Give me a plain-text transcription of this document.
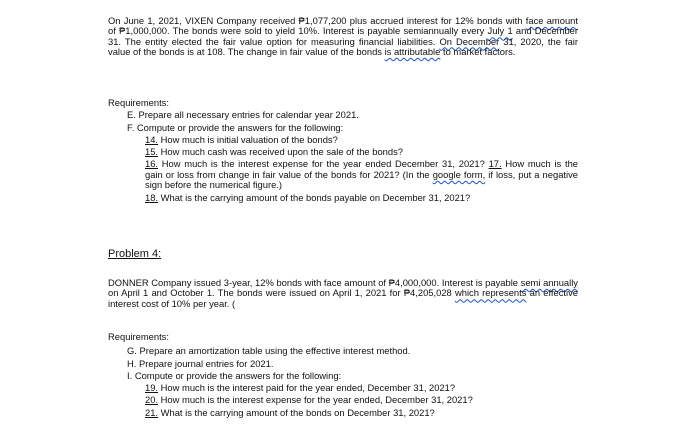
On June 1, 2021, VIXEN Company received ₱1,077,200 plus accrued interest for 12% bonds with face amount of ₱1,000,000. The bonds were sold to yield 10%. Interest is payable semiannually every July 1 and December 31. The entity elected the fair value option for measuring financial liabilities. On December 31, 2020, the fair value of the bonds is at 108. The change in fair value of the bonds is attributable to market factors.

Requirements:

E. Prepare all necessary entries for calendar year 2021.

F. Compute or provide the answers for the following:

14. How much is initial valuation of the bonds?

15. How much cash was received upon the sale of the bonds?

16. How much is the interest expense for the year ended December 31, 2021? 17. How much is the gain or loss from change in fair value of the bonds for 2021? (In the google form, if loss, put a negative sign before the numerical figure.)

18. What is the carrying amount of the bonds payable on December 31, 2021?

Problem 4:

DONNER Company issued 3-year, 12% bonds with face amount of ₱4,000,000. Interest is payable semi annually on April 1 and October 1. The bonds were issued on April 1, 2021 for ₱4,205,028 which represents an effective interest cost of 10% per year. (

Requirements:

G. Prepare an amortization table using the effective interest method.

H. Prepare journal entries for 2021.

I. Compute or provide the answers for the following:

19. How much is the interest paid for the year ended, December 31, 2021?

20. How much is the interest expense for the year ended, December 31, 2021?

21. What is the carrying amount of the bonds on December 31, 2021?
